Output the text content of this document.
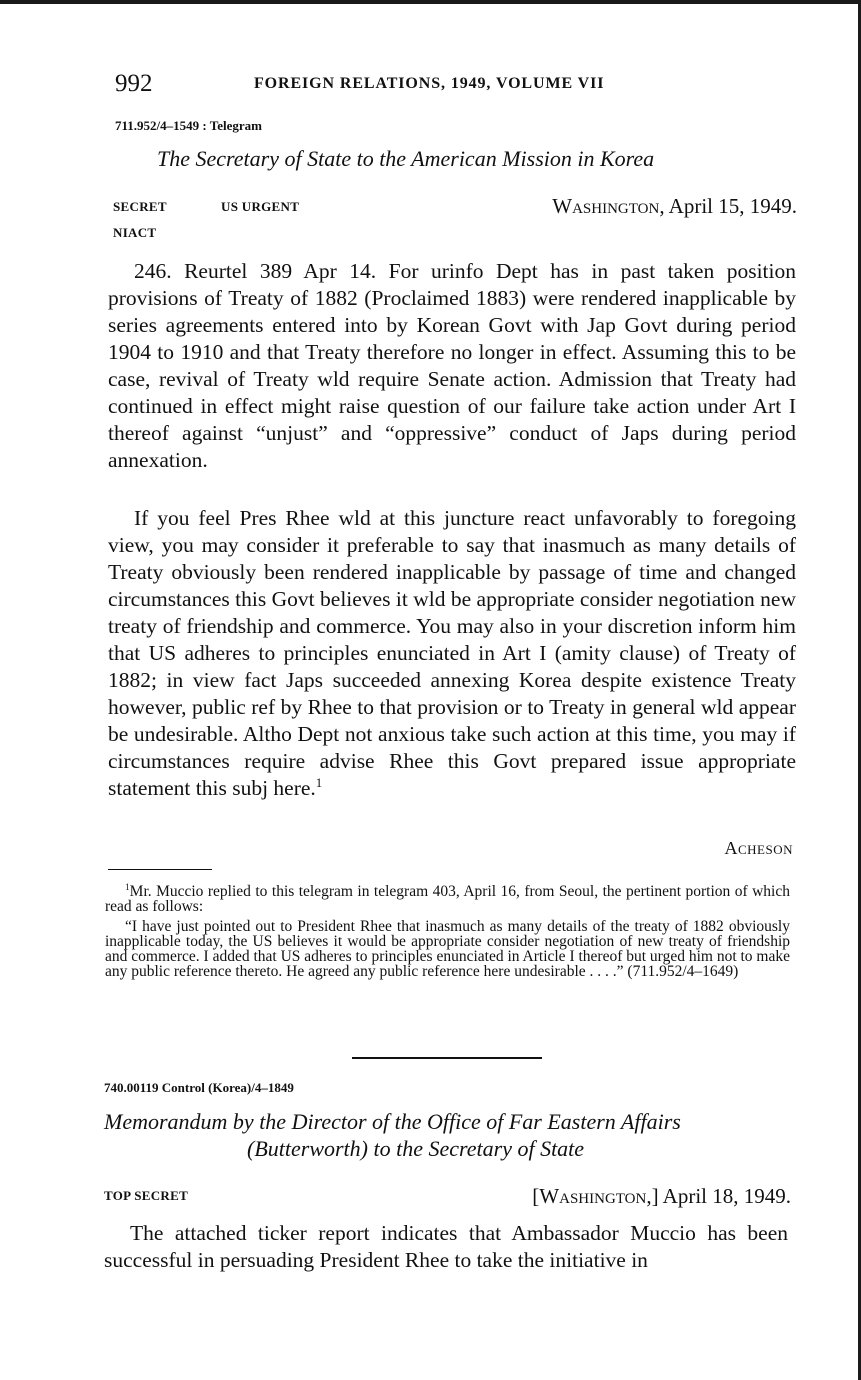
992	FOREIGN RELATIONS, 1949, VOLUME VII
711.952/4–1549 : Telegram
The Secretary of State to the American Mission in Korea
SECRET	US URGENT	Washington, April 15, 1949.
NIACT
246. Reurtel 389 Apr 14. For urinfo Dept has in past taken position provisions of Treaty of 1882 (Proclaimed 1883) were rendered inapplicable by series agreements entered into by Korean Govt with Jap Govt during period 1904 to 1910 and that Treaty therefore no longer in effect. Assuming this to be case, revival of Treaty wld require Senate action. Admission that Treaty had continued in effect might raise question of our failure take action under Art I thereof against “unjust” and “oppressive” conduct of Japs during period annexation.
If you feel Pres Rhee wld at this juncture react unfavorably to foregoing view, you may consider it preferable to say that inasmuch as many details of Treaty obviously been rendered inapplicable by passage of time and changed circumstances this Govt believes it wld be appropriate consider negotiation new treaty of friendship and commerce. You may also in your discretion inform him that US adheres to principles enunciated in Art I (amity clause) of Treaty of 1882; in view fact Japs succeeded annexing Korea despite existence Treaty however, public ref by Rhee to that provision or to Treaty in general wld appear be undesirable. Altho Dept not anxious take such action at this time, you may if circumstances require advise Rhee this Govt prepared issue appropriate statement this subj here.$^1$
Acheson
$^1$Mr. Muccio replied to this telegram in telegram 403, April 16, from Seoul, the pertinent portion of which read as follows:
“I have just pointed out to President Rhee that inasmuch as many details of the treaty of 1882 obviously inapplicable today, the US believes it would be appropriate consider negotiation of new treaty of friendship and commerce. I added that US adheres to principles enunciated in Article I thereof but urged him not to make any public reference thereto. He agreed any public reference here undesirable . . . .” (711.952/4–1649)
740.00119 Control (Korea)/4–1849
Memorandum by the Director of the Office of Far Eastern Affairs
(Butterworth) to the Secretary of State
TOP SECRET	[Washington,] April 18, 1949.
The attached ticker report indicates that Ambassador Muccio has been successful in persuading President Rhee to take the initiative in
